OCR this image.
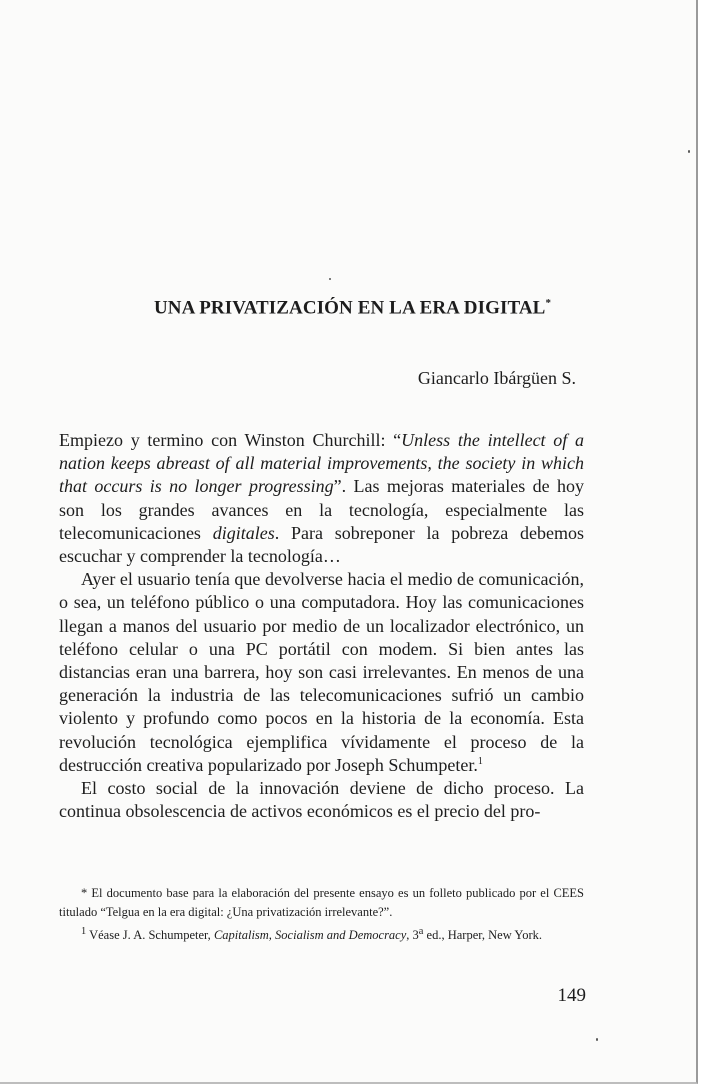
UNA PRIVATIZACIÓN EN LA ERA DIGITAL*
Giancarlo Ibárgüen S.

Empiezo y termino con Winston Churchill: “Unless the intellect of a nation keeps abreast of all material improvements, the society in which that occurs is no longer progressing”. Las mejoras materiales de hoy son los grandes avances en la tecnología, especialmente las telecomunicaciones digitales. Para sobreponer la pobreza debemos escuchar y comprender la tecnología…

Ayer el usuario tenía que devolverse hacia el medio de comunicación, o sea, un teléfono público o una computadora. Hoy las comunicaciones llegan a manos del usuario por medio de un localizador electrónico, un teléfono celular o una PC portátil con modem. Si bien antes las distancias eran una barrera, hoy son casi irrelevantes. En menos de una generación la industria de las telecomunicaciones sufrió un cambio violento y profundo como pocos en la historia de la economía. Esta revolución tecnológica ejemplifica vívidamente el proceso de la destrucción creativa popularizado por Joseph Schumpeter.$^1$

El costo social de la innovación deviene de dicho proceso. La continua obsolescencia de activos económicos es el precio del pro-

* El documento base para la elaboración del presente ensayo es un folleto publicado por el CEES titulado “Telgua en la era digital: ¿Una privatización irrelevante?”.

$^1$ Véase J. A. Schumpeter, Capitalism, Socialism and Democracy, 3$^a$ ed., Harper, New York.

149
